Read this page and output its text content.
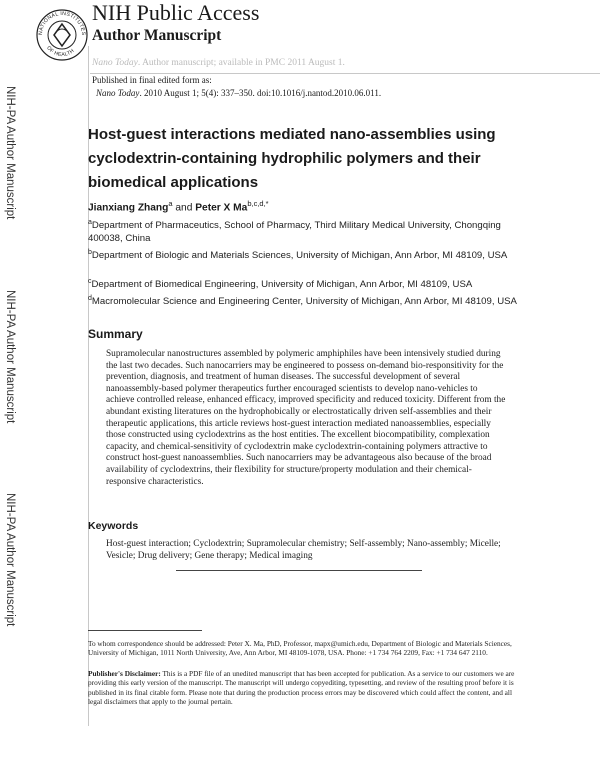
NATIONAL INSTITUTES
OF HEALTH
NIH Public Access
Author Manuscript
Nano Today. Author manuscript; available in PMC 2011 August 1.
NIH-PA Author Manuscript
NIH-PA Author Manuscript
NIH-PA Author Manuscript
Published in final edited form as:
Nano Today. 2010 August 1; 5(4): 337–350. doi:10.1016/j.nantod.2010.06.011.
Host-guest interactions mediated nano-assemblies using cyclodextrin-containing hydrophilic polymers and their biomedical applications
Jianxiang Zhang$^a$ and Peter X $Ma^{b,c,d,*}$
$^a$Department of Pharmaceutics, School of Pharmacy, Third Military Medical University, Chongqing 400038, China
$^b$Department of Biologic and Materials Sciences, University of Michigan, Ann Arbor, MI 48109, USA
$^c$Department of Biomedical Engineering, University of Michigan, Ann Arbor, MI 48109, USA
$^d$Macromolecular Science and Engineering Center, University of Michigan, Ann Arbor, MI 48109, USA
Summary
Supramolecular nanostructures assembled by polymeric amphiphiles have been intensively studied during the last two decades. Such nanocarriers may be engineered to possess on-demand bio-responsitivity for the prevention, diagnosis, and treatment of human diseases. The successful development of several nanoassembly-based polymer therapeutics further encouraged scientists to develop nano-vehicles to achieve controlled release, enhanced efficacy, improved specificity and reduced toxicity. Different from the abundant existing literatures on the hydrophobically or electrostatically driven self-assemblies and their therapeutic applications, this article reviews host-guest interaction mediated nanoassemblies, especially those constructed using cyclodextrins as the host entities. The excellent biocompatibility, complexation capacity, and chemical-sensitivity of cyclodextrin make cyclodextrin-containing polymers attractive to construct host-guest nanoassemblies. Such nanocarriers may be advantageous also because of the broad availability of cyclodextrins, their flexibility for structure/property modulation and their chemical-responsive characteristics.
Keywords
Host-guest interaction; Cyclodextrin; Supramolecular chemistry; Self-assembly; Nano-assembly; Micelle; Vesicle; Drug delivery; Gene therapy; Medical imaging
To whom correspondence should be addressed: Peter X. Ma, PhD, Professor, mapx@umich.edu, Department of Biologic and Materials Sciences, University of Michigan, 1011 North University, Ave, Ann Arbor, MI 48109-1078, USA. Phone: +1 734 764 2209, Fax: +1 734 647 2110.
Publisher's Disclaimer: This is a PDF file of an unedited manuscript that has been accepted for publication. As a service to our customers we are providing this early version of the manuscript. The manuscript will undergo copyediting, typesetting, and review of the resulting proof before it is published in its final citable form. Please note that during the production process errors may be discovered which could affect the content, and all legal disclaimers that apply to the journal pertain.
